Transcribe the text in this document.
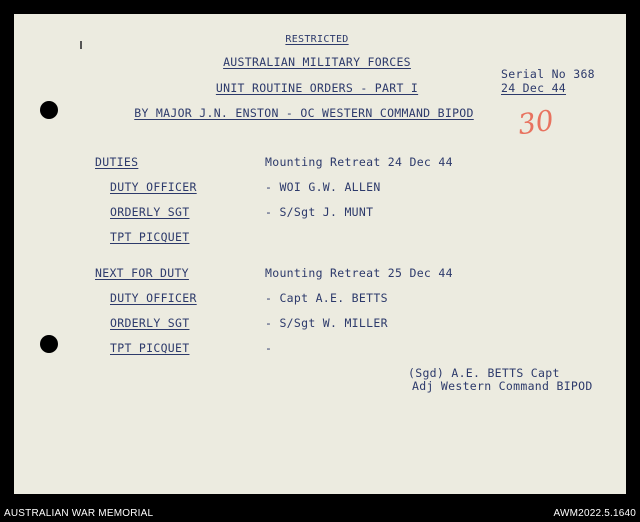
RESTRICTED
AUSTRALIAN MILITARY FORCES
UNIT ROUTINE ORDERS - PART I
BY MAJOR J.N. ENSTON - OC WESTERN COMMAND BIPOD
Serial No 368
24 Dec 44
30
DUTIES	Mounting Retreat 24 Dec 44
DUTY OFFICER	- WOI G.W. ALLEN
ORDERLY SGT	- S/Sgt J. MUNT
TPT PICQUET
NEXT FOR DUTY	Mounting Retreat 25 Dec 44
DUTY OFFICER	- Capt A.E. BETTS
ORDERLY SGT	- S/Sgt W. MILLER
TPT PICQUET	-
(Sgd) A.E. BETTS Capt
Adj Western Command BIPOD
AUSTRALIAN WAR MEMORIAL	AWM2022.5.1640
